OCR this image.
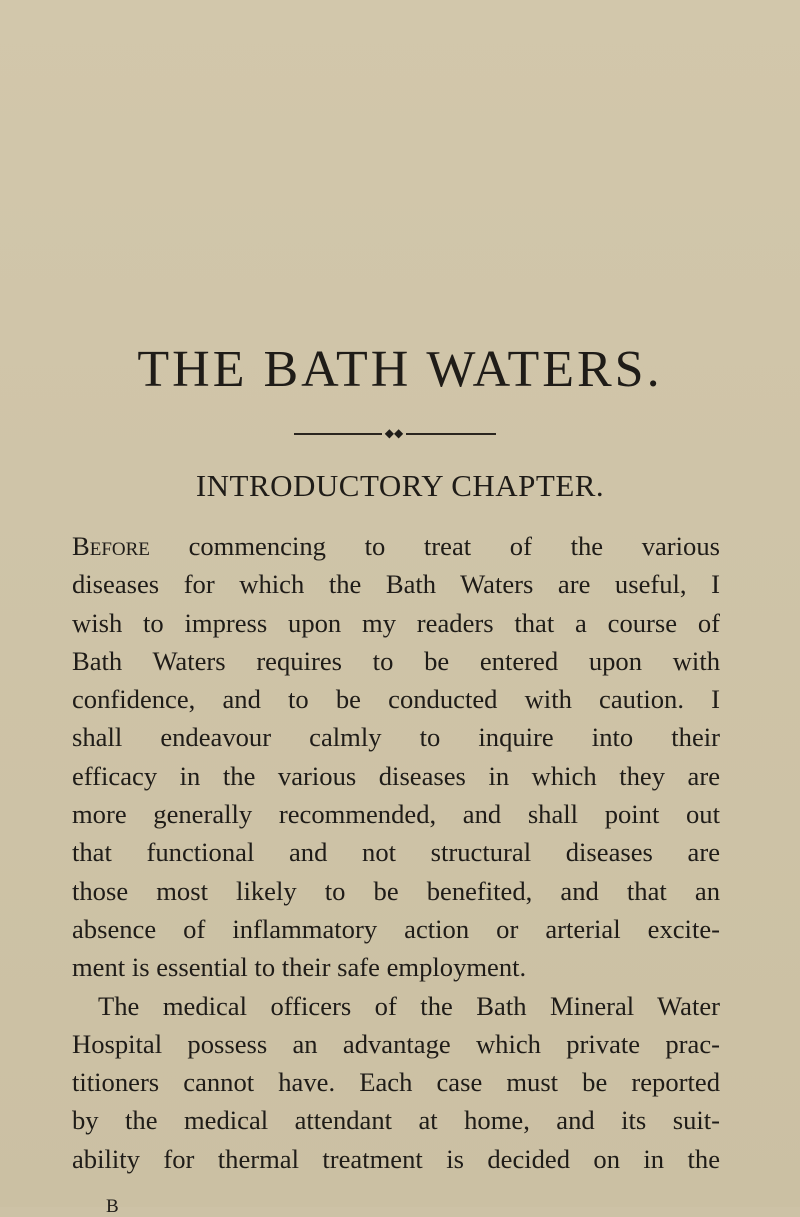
THE BATH WATERS.
◆◆
INTRODUCTORY CHAPTER.
Before commencing to treat of the various
diseases for which the Bath Waters are useful, I
wish to impress upon my readers that a course of
Bath Waters requires to be entered upon with
confidence, and to be conducted with caution. I
shall endeavour calmly to inquire into their
efficacy in the various diseases in which they are
more generally recommended, and shall point out
that functional and not structural diseases are
those most likely to be benefited, and that an
absence of inflammatory action or arterial excite-
ment is essential to their safe employment.
The medical officers of the Bath Mineral Water
Hospital possess an advantage which private prac-
titioners cannot have. Each case must be reported
by the medical attendant at home, and its suit-
ability for thermal treatment is decided on in the
B
